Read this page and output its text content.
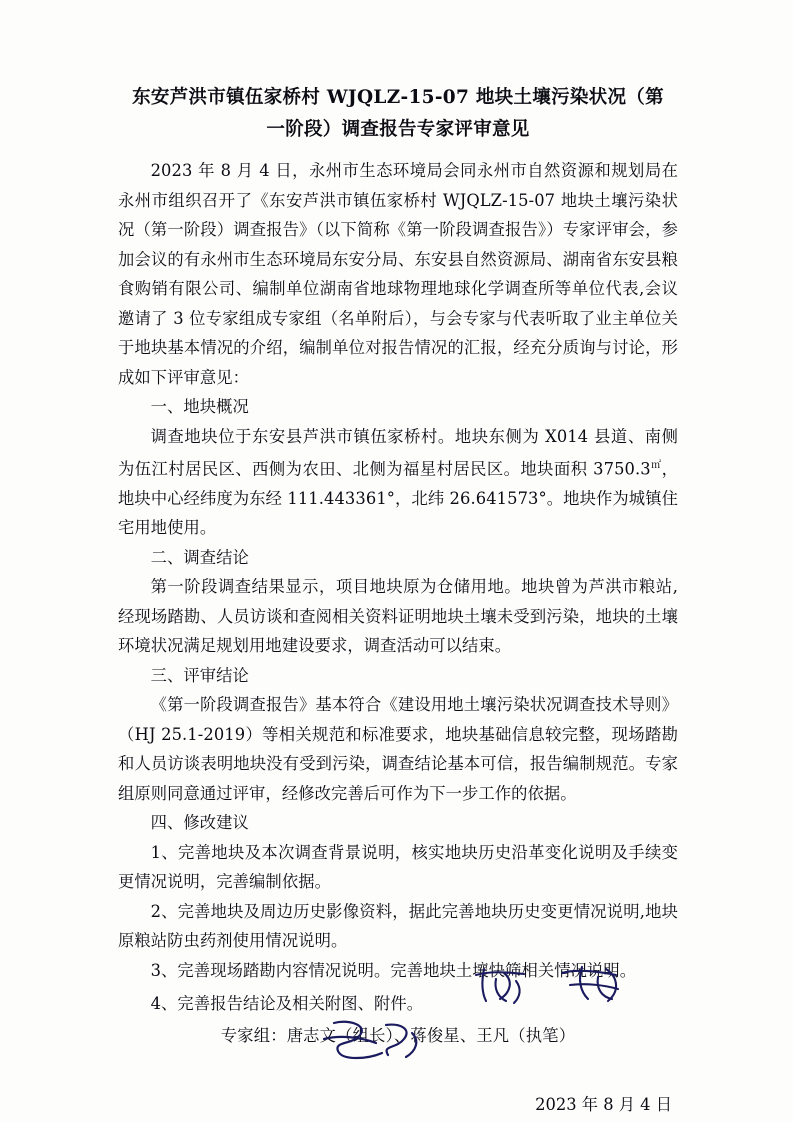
东安芦洪市镇伍家桥村 WJQLZ-15-07 地块土壤污染状况（第
一阶段）调查报告专家评审意见

2023 年 8 月 4 日，永州市生态环境局会同永州市自然资源和规划局在永州市组织召开了《东安芦洪市镇伍家桥村 WJQLZ-15-07 地块土壤污染状况（第一阶段）调查报告》（以下简称《第一阶段调查报告》）专家评审会，参加会议的有永州市生态环境局东安分局、东安县自然资源局、湖南省东安县粮食购销有限公司、编制单位湖南省地球物理地球化学调查所等单位代表,会议邀请了 3 位专家组成专家组（名单附后），与会专家与代表听取了业主单位关于地块基本情况的介绍，编制单位对报告情况的汇报，经充分质询与讨论，形成如下评审意见：

一、地块概况

调查地块位于东安县芦洪市镇伍家桥村。地块东侧为 X014 县道、南侧为伍江村居民区、西侧为农田、北侧为福星村居民区。地块面积 3750.3㎡，地块中心经纬度为东经 111.443361°，北纬 26.641573°。地块作为城镇住宅用地使用。

二、调查结论

第一阶段调查结果显示，项目地块原为仓储用地。地块曾为芦洪市粮站,经现场踏勘、人员访谈和查阅相关资料证明地块土壤未受到污染，地块的土壤环境状况满足规划用地建设要求，调查活动可以结束。

三、评审结论

《第一阶段调查报告》基本符合《建设用地土壤污染状况调查技术导则》（HJ 25.1-2019）等相关规范和标准要求，地块基础信息较完整，现场踏勘和人员访谈表明地块没有受到污染，调查结论基本可信，报告编制规范。专家组原则同意通过评审，经修改完善后可作为下一步工作的依据。

四、修改建议

1、完善地块及本次调查背景说明，核实地块历史沿革变化说明及手续变更情况说明，完善编制依据。

2、完善地块及周边历史影像资料，据此完善地块历史变更情况说明,地块原粮站防虫药剂使用情况说明。

3、完善现场踏勘内容情况说明。完善地块土壤快筛相关情况说明。

4、完善报告结论及相关附图、附件。

专家组：唐志文（组长）、蒋俊星、王凡（执笔）
2023 年 8 月 4 日
